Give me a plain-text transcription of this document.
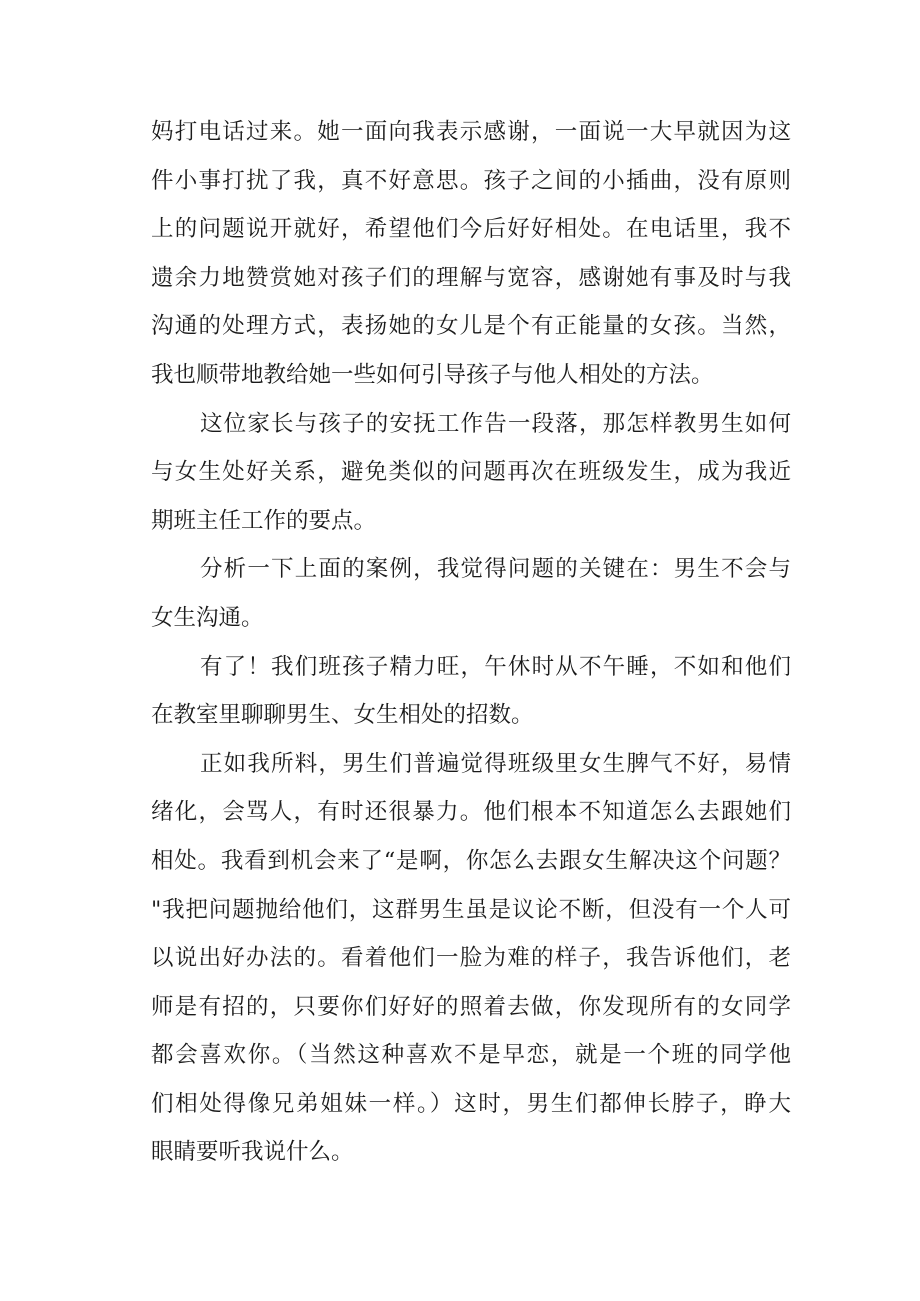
妈打电话过来。她一面向我表示感谢，一面说一大早就因为这
件小事打扰了我，真不好意思。孩子之间的小插曲，没有原则
上的问题说开就好，希望他们今后好好相处。在电话里，我不
遗余力地赞赏她对孩子们的理解与宽容，感谢她有事及时与我
沟通的处理方式，表扬她的女儿是个有正能量的女孩。当然，
我也顺带地教给她一些如何引导孩子与他人相处的方法。
这位家长与孩子的安抚工作告一段落，那怎样教男生如何
与女生处好关系，避免类似的问题再次在班级发生，成为我近
期班主任工作的要点。
分析一下上面的案例，我觉得问题的关键在：男生不会与
女生沟通。
有了！我们班孩子精力旺，午休时从不午睡，不如和他们
在教室里聊聊男生、女生相处的招数。
正如我所料，男生们普遍觉得班级里女生脾气不好，易情
绪化，会骂人，有时还很暴力。他们根本不知道怎么去跟她们
相处。我看到机会来了“是啊，你怎么去跟女生解决这个问题？
"我把问题抛给他们，这群男生虽是议论不断，但没有一个人可
以说出好办法的。看着他们一脸为难的样子，我告诉他们，老
师是有招的，只要你们好好的照着去做，你发现所有的女同学
都会喜欢你。（当然这种喜欢不是早恋，就是一个班的同学他
们相处得像兄弟姐妹一样。）这时，男生们都伸长脖子，睁大
眼睛要听我说什么。
